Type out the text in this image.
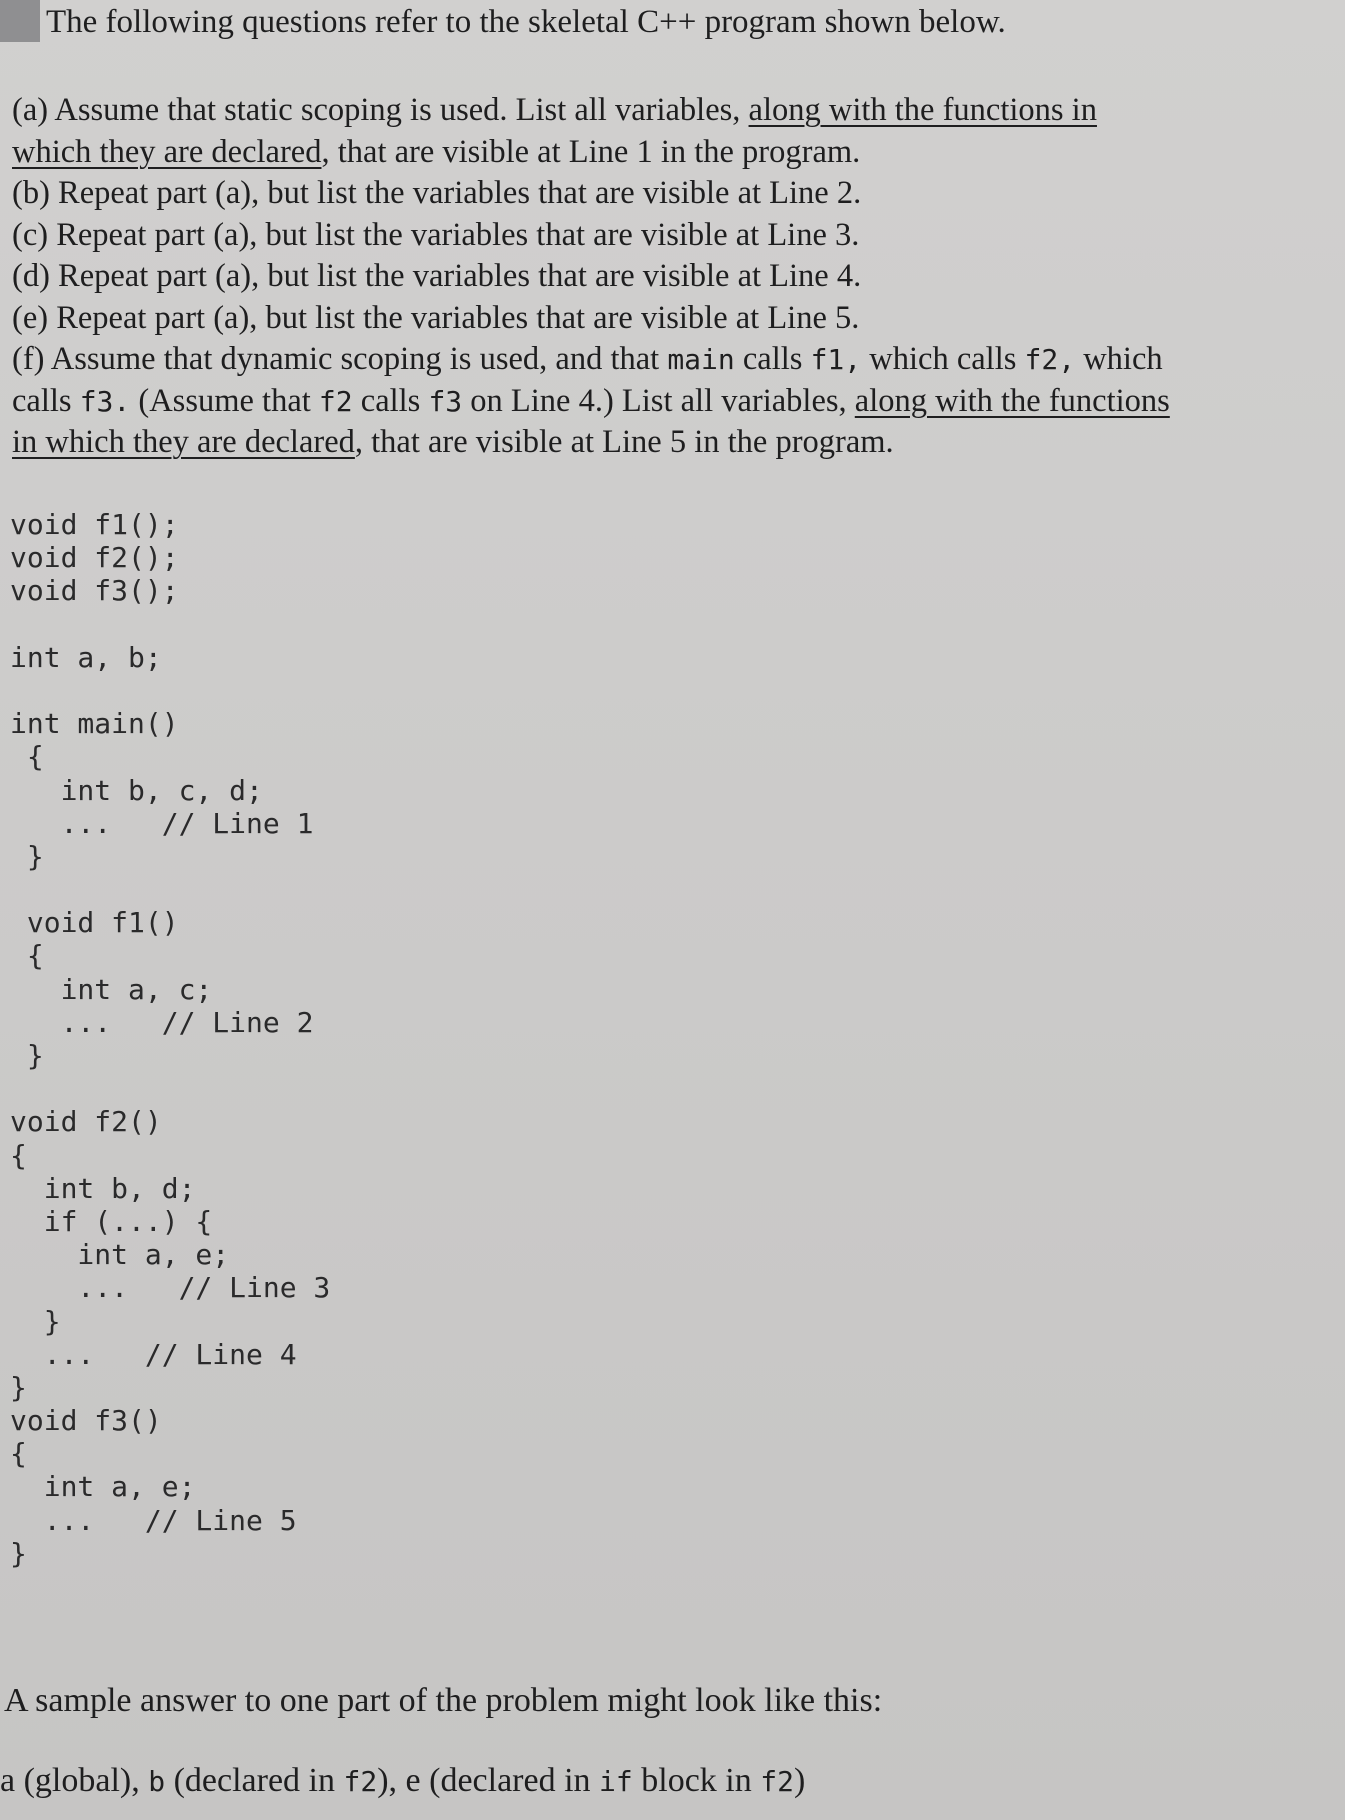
The following questions refer to the skeletal C++ program shown below.
(a) Assume that static scoping is used. List all variables, along with the functions in
which they are declared, that are visible at Line 1 in the program.
(b) Repeat part (a), but list the variables that are visible at Line 2.
(c) Repeat part (a), but list the variables that are visible at Line 3.
(d) Repeat part (a), but list the variables that are visible at Line 4.
(e) Repeat part (a), but list the variables that are visible at Line 5.
(f) Assume that dynamic scoping is used, and that main calls f1, which calls f2, which
calls f3. (Assume that f2 calls f3 on Line 4.) List all variables, along with the functions
in which they are declared, that are visible at Line 5 in the program.
void f1();
void f2();
void f3();
int a, b;
int main()
{
int b, c, d;
...   // Line 1
}
void f1()
{
int a, c;
...   // Line 2
}
void f2()
{
int b, d;
if (...) {
int a, e;
...   // Line 3
}
...   // Line 4
}
void f3()
{
int a, e;
...   // Line 5
}
A sample answer to one part of the problem might look like this:
a (global), b (declared in f2), e (declared in if block in f2)
